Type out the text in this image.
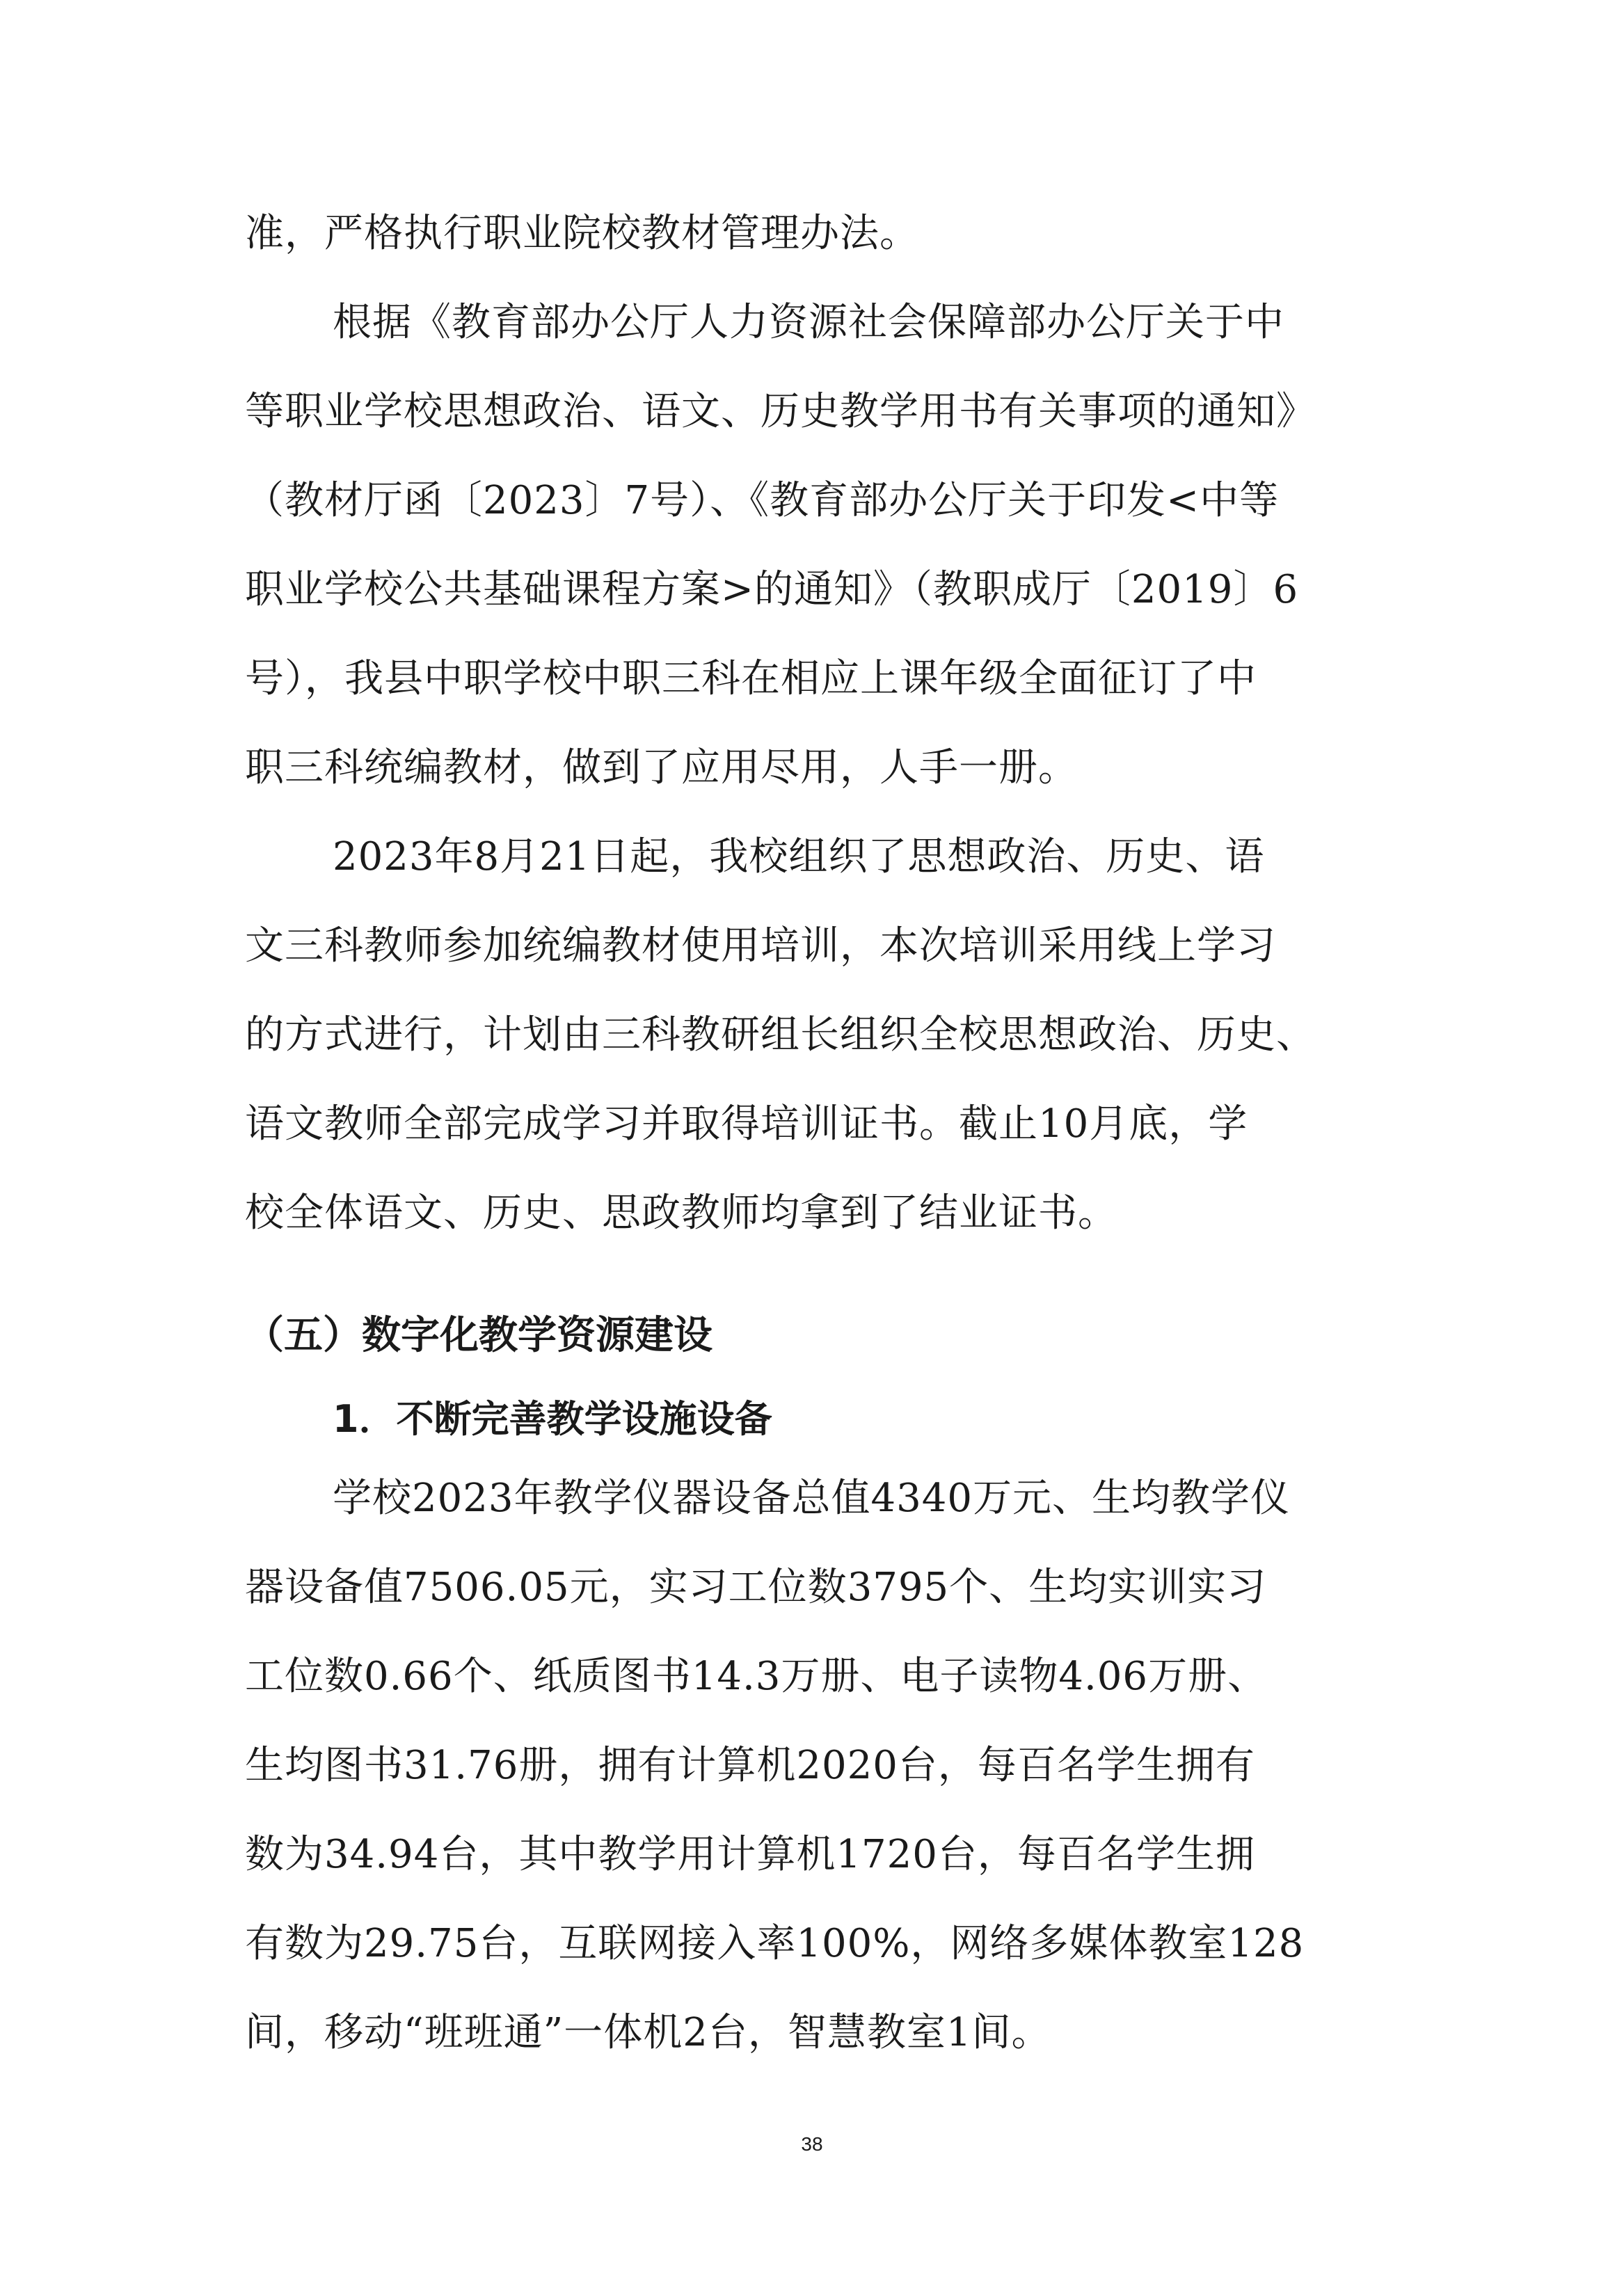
准，严格执行职业院校教材管理办法。
根据《教育部办公厅人力资源社会保障部办公厅关于中
等职业学校思想政治、语文、历史教学用书有关事项的通知》
（教材厅函〔2023〕7号）、《教育部办公厅关于印发<中等
职业学校公共基础课程方案>的通知》（教职成厅〔2019〕6
号），我县中职学校中职三科在相应上课年级全面征订了中
职三科统编教材，做到了应用尽用，人手一册。
2023年8月21日起，我校组织了思想政治、历史、语
文三科教师参加统编教材使用培训，本次培训采用线上学习
的方式进行，计划由三科教研组长组织全校思想政治、历史、
语文教师全部完成学习并取得培训证书。截止10月底，学
校全体语文、历史、思政教师均拿到了结业证书。
（五）数字化教学资源建设
1．不断完善教学设施设备
学校2023年教学仪器设备总值4340万元、生均教学仪
器设备值7506.05元，实习工位数3795个、生均实训实习
工位数0.66个、纸质图书14.3万册、电子读物4.06万册、
生均图书31.76册，拥有计算机2020台，每百名学生拥有
数为34.94台，其中教学用计算机1720台，每百名学生拥
有数为29.75台，互联网接入率100%，网络多媒体教室128
间，移动“班班通”一体机2台，智慧教室1间。
38
